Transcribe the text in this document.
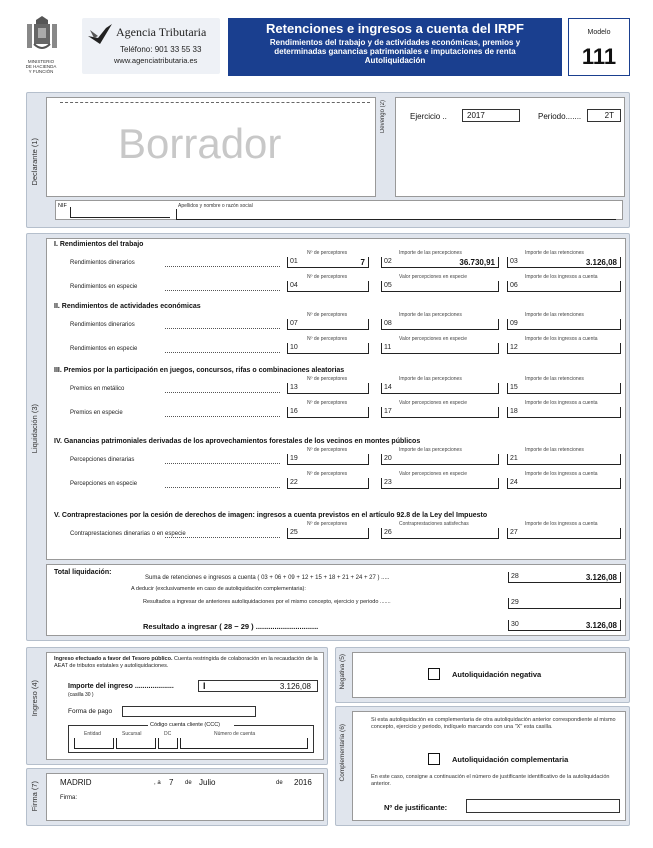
MINISTERIO
DE HACIENDA
Y FUNCIÓN
Agencia Tributaria
Teléfono: 901 33 55 33
www.agenciatributaria.es
Retenciones e ingresos a cuenta del IRPF
Rendimientos del trabajo y de actividades económicas, premios y
determinadas ganancias patrimoniales e imputaciones de renta
Autoliquidación
Modelo
111
Declarante (1) Borrador
Devengo (2)	Ejercicio ..	2017	Periodo.......	2T
NIF	Apellidos y nombre o razón social
Liquidación (3)
I. Rendimientos del trabajo
Nº de perceptores	Importe de las percepciones	Importe de las retenciones
Rendimientos dinerarios	01	7	02	36.730,91 03	3.126,08
Nº de perceptores	Valor percepciones en especie	Importe de los ingresos a cuenta
Rendimientos en especie	04	05	06
II. Rendimientos de actividades económicas
Nº de perceptores	Importe de las percepciones	Importe de las retenciones
Rendimientos dinerarios	07	08	09
Nº de perceptores	Valor percepciones en especie	Importe de los ingresos a cuenta
Rendimientos en especie	10	11	12
III. Premios por la participación en juegos, concursos, rifas o combinaciones aleatorias
Nº de perceptores	Importe de las percepciones	Importe de las retenciones
Premios en metálico	13	14	15
Nº de perceptores	Valor percepciones en especie	Importe de los ingresos a cuenta
Premios en especie	16	17	18
IV. Ganancias patrimoniales derivadas de los aprovechamientos forestales de los vecinos en montes públicos
Nº de perceptores	Importe de las percepciones	Importe de las retenciones
Percepciones dinerarias	19	20	21
Nº de perceptores	Valor percepciones en especie	Importe de los ingresos a cuenta
Percepciones en especie	22	23	24
V. Contraprestaciones por la cesión de derechos de imagen: ingresos a cuenta previstos en el artículo 92.8 de la Ley del Impuesto
Nº de perceptores	Contraprestaciones satisfechas	Importe de los ingresos a cuenta
Contraprestaciones dinerarias o en especie	25	26	27
Total liquidación:
Suma de retenciones e ingresos a cuenta ( 03 + 06 + 09 + 12 + 15 + 18 + 21 + 24 + 27 ) .....	28	3.126,08
A deducir (exclusivamente en caso de autoliquidación complementaria):
Resultados a ingresar de anteriores autoliquidaciones por el mismo concepto, ejercicio y periodo .......	29
Resultado a ingresar ( 28 − 29 ) ..............................	30	3.126,08
Ingreso (4)
Ingreso efectuado a favor del Tesoro público. Cuenta restringida de colaboración en la recaudación de la AEAT de tributos estatales y autoliquidaciones.
Importe del ingreso ....................
(casilla 30 )
I	3.126,08
Forma de pago
Código cuenta cliente (CCC)
Entidad	Sucursal	DC	Número de cuenta
Firma (7)	MADRID	, a 7 de Julio	de 2016
Firma:
Negativa (5)	Autoliquidación negativa
Complementaria (6)
Si esta autoliquidación es complementaria de otra autoliquidación anterior correspondiente al mismo concepto, ejercicio y periodo, indíquelo marcando con una "X" esta casilla.
Autoliquidación complementaria
En este caso, consigne a continuación el número de justificante identificativo de la autoliquidación anterior.
Nº de justificante:
